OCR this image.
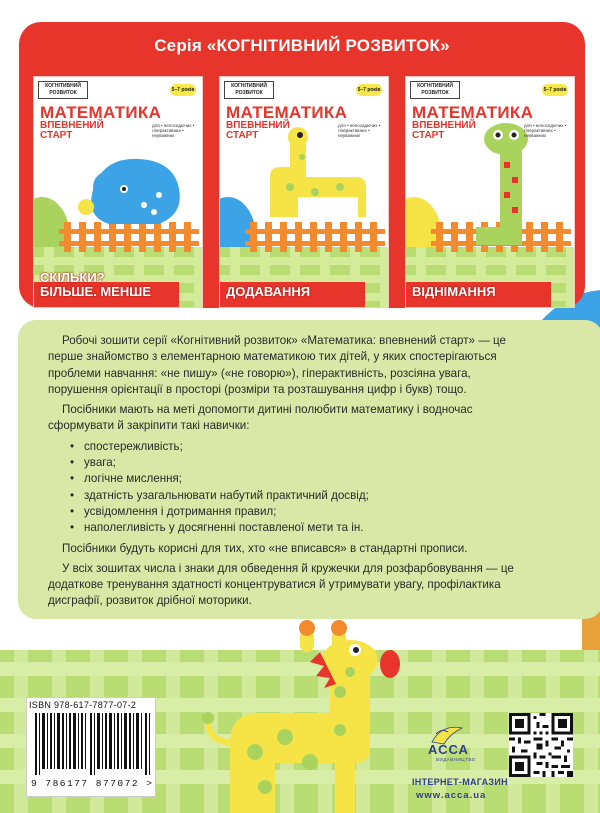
Серія «КОГНІТИВНИЙ РОЗВИТОК»
КОГНІТИВНИЙ РОЗВИТОК	5–7 років
МАТЕМАТИКА
ВПЕВНЕНИЙ СТАРТ
для • непосидючих • гіперактивних • неуважних
СКІЛЬКИ?
БІЛЬШЕ. МЕНШЕ
КОГНІТИВНИЙ РОЗВИТОК	5–7 років
МАТЕМАТИКА
ВПЕВНЕНИЙ СТАРТ
для • непосидючих • гіперактивних • неуважних
ДОДАВАННЯ
КОГНІТИВНИЙ РОЗВИТОК	5–7 років
МАТЕМАТИКА
ВПЕВНЕНИЙ СТАРТ
для • непосидючих • гіперактивних • неуважних
ВІДНІМАННЯ

Робочі зошити серії «Когнітивний розвиток» «Математика: впевнений старт» — це перше знайомство з елементарною математикою тих дітей, у яких спостерігаються проблеми навчання: «не пишу» («не говорю»), гіперактивність, розсіяна увага, порушення орієнтації в просторі (розміри та розташування цифр і букв) тощо.

Посібники мають на меті допомогти дитині полюбити математику і водночас сформувати й закріпити такі навички:

• спостережливість;
• увага;
• логічне мислення;
• здатність узагальнювати набутий практичний досвід;
• усвідомлення і дотримання правил;
• наполегливість у досягненні поставленої мети та ін.

Посібники будуть корисні для тих, хто «не вписався» в стандартні прописи.

У всіх зошитах числа і знаки для обведення й кружечки для розфарбовування — це додаткове тренування здатності концентруватися й утримувати увагу, профілактика дисграфії, розвиток дрібної моторики.

ISBN 978-617-7877-07-2
9 786177 877072 >
АССА
ВИДАВНИЦТВО
ІНТЕРНЕТ-МАГАЗИН
www.acca.ua
